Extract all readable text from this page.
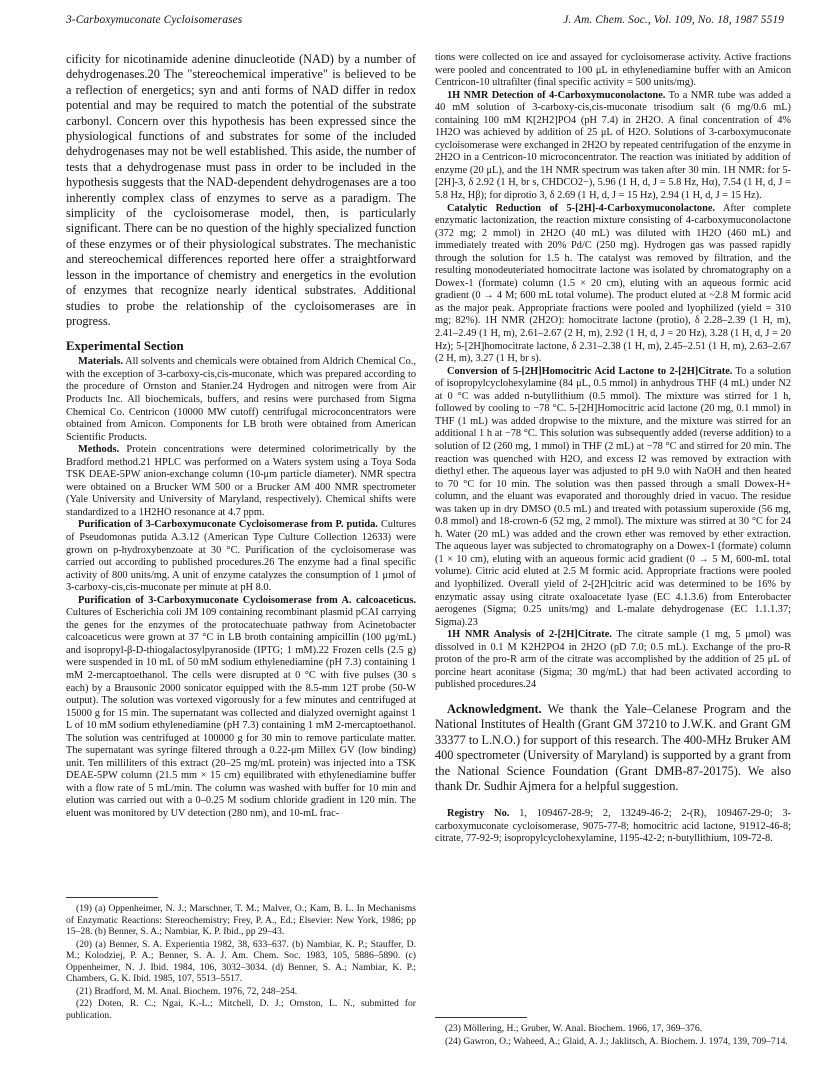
3-Carboxymuconate Cycloisomerases	J. Am. Chem. Soc., Vol. 109, No. 18, 1987 5519

cificity for nicotinamide adenine dinucleotide (NAD) by a number of dehydrogenases.20 The "stereochemical imperative" is believed to be a reflection of energetics; syn and anti forms of NAD differ in redox potential and may be required to match the potential of the substrate carbonyl. Concern over this hypothesis has been expressed since the physiological functions of and substrates for some of the included dehydrogenases may not be well established. This aside, the number of tests that a dehydrogenase must pass in order to be included in the hypothesis suggests that the NAD-dependent dehydrogenases are a too inherently complex class of enzymes to serve as a paradigm. The simplicity of the cycloisomerase model, then, is particularly significant. There can be no question of the highly specialized function of these enzymes or of their physiological substrates. The mechanistic and stereochemical differences reported here offer a straightforward lesson in the importance of chemistry and energetics in the evolution of enzymes that recognize nearly identical substrates. Additional studies to probe the relationship of the cycloisomerases are in progress.

Experimental Section

Materials. All solvents and chemicals were obtained from Aldrich Chemical Co., with the exception of 3-carboxy-cis,cis-muconate, which was prepared according to the procedure of Ornston and Stanier.24 Hydrogen and nitrogen were from Air Products Inc. All biochemicals, buffers, and resins were purchased from Sigma Chemical Co. Centricon (10000 MW cutoff) centrifugal microconcentrators were obtained from Amicon. Components for LB broth were obtained from American Scientific Products.

Methods. Protein concentrations were determined colorimetrically by the Bradford method.21 HPLC was performed on a Waters system using a Toya Soda TSK DEAE-5PW anion-exchange column (10-μm particle diameter). NMR spectra were obtained on a Brucker WM 500 or a Brucker AM 400 NMR spectrometer (Yale University and University of Maryland, respectively). Chemical shifts were standardized to a 1H2HO resonance at 4.7 ppm.

Purification of 3-Carboxymuconate Cycloisomerase from P. putida. Cultures of Pseudomonas putida A.3.12 (American Type Culture Collection 12633) were grown on p-hydroxybenzoate at 30 °C. Purification of the cycloisomerase was carried out according to published procedures.26 The enzyme had a final specific activity of 800 units/mg. A unit of enzyme catalyzes the consumption of 1 μmol of 3-carboxy-cis,cis-muconate per minute at pH 8.0.

Purification of 3-Carboxymuconate Cycloisomerase from A. calcoaceticus. Cultures of Escherichia coli JM 109 containing recombinant plasmid pCAI carrying the genes for the enzymes of the protocatechuate pathway from Acinetobacter calcoaceticus were grown at 37 °C in LB broth containing ampicillin (100 μg/mL) and isopropyl-β-D-thiogalactosylpyranoside (IPTG; 1 mM).22 Frozen cells (2.5 g) were suspended in 10 mL of 50 mM sodium ethylenediamine (pH 7.3) containing 1 mM 2-mercaptoethanol. The cells were disrupted at 0 °C with five pulses (30 s each) by a Brausonic 2000 sonicator equipped with the 8.5-mm 12T probe (50-W output). The solution was vortexed vigorously for a few minutes and centrifuged at 15000 g for 15 min. The supernatant was collected and dialyzed overnight against 1 L of 10 mM sodium ethylenediamine (pH 7.3) containing 1 mM 2-mercaptoethanol. The solution was centrifuged at 100000 g for 30 min to remove particulate matter. The supernatant was syringe filtered through a 0.22-μm Millex GV (low binding) unit. Ten milliliters of this extract (20–25 mg/mL protein) was injected into a TSK DEAE-5PW column (21.5 mm × 15 cm) equilibrated with ethylenediamine buffer with a flow rate of 5 mL/min. The column was washed with buffer for 10 min and elution was carried out with a 0–0.25 M sodium chloride gradient in 120 min. The eluent was monitored by UV detection (280 nm), and 10-mL frac-

(19) (a) Oppenheimer, N. J.; Marschner, T. M.; Malver, O.; Kam, B. L. In Mechanisms of Enzymatic Reactions: Stereochemistry; Frey, P. A., Ed.; Elsevier: New York, 1986; pp 15–28. (b) Benner, S. A.; Nambiar, K. P. Ibid., pp 29–43.

(20) (a) Benner, S. A. Experientia 1982, 38, 633–637. (b) Nambiar, K. P.; Stauffer, D. M.; Kolodziej, P. A.; Benner, S. A. J. Am. Chem. Soc. 1983, 105, 5886–5890. (c) Oppenheimer, N. J. Ibid. 1984, 106, 3032–3034. (d) Benner, S. A.; Nambiar, K. P.; Chambers, G. K. Ibid. 1985, 107, 5513–5517.

(21) Bradford, M. M. Anal. Biochem. 1976, 72, 248–254.

(22) Doten, R. C.; Ngai, K.-L.; Mitchell, D. J.; Ornston, L. N., submitted for publication.

tions were collected on ice and assayed for cycloisomerase activity. Active fractions were pooled and concentrated to 100 μL in ethylenediamine buffer with an Amicon Centricon-10 ultrafilter (final specific activity = 500 units/mg).

1H NMR Detection of 4-Carboxymuconolactone. To a NMR tube was added a 40 mM solution of 3-carboxy-cis,cis-muconate trisodium salt (6 mg/0.6 mL) containing 100 mM K[2H2]PO4 (pH 7.4) in 2H2O. A final concentration of 4% 1H2O was achieved by addition of 25 μL of H2O. Solutions of 3-carboxymuconate cycloisomerase were exchanged in 2H2O by repeated centrifugation of the enzyme in 2H2O in a Centricon-10 microconcentrator. The reaction was initiated by addition of enzyme (20 μL), and the 1H NMR spectrum was taken after 30 min. 1H NMR: for 5-[2H]-3, δ 2.92 (1 H, br s, CHDCO2−), 5.96 (1 H, d, J = 5.8 Hz, Hα), 7.54 (1 H, d, J = 5.8 Hz, Hβ); for diprotio 3, δ 2.69 (1 H, d, J = 15 Hz), 2.94 (1 H, d, J = 15 Hz).

Catalytic Reduction of 5-[2H]-4-Carboxymuconolactone. After complete enzymatic lactonization, the reaction mixture consisting of 4-carboxymuconolactone (372 mg; 2 mmol) in 2H2O (40 mL) was diluted with 1H2O (460 mL) and immediately treated with 20% Pd/C (250 mg). Hydrogen gas was passed rapidly through the solution for 1.5 h. The catalyst was removed by filtration, and the resulting monodeuteriated homocitrate lactone was isolated by chromatography on a Dowex-1 (formate) column (1.5 × 20 cm), eluting with an aqueous formic acid gradient (0 → 4 M; 600 mL total volume). The product eluted at ~2.8 M formic acid as the major peak. Appropriate fractions were pooled and lyophilized (yield = 310 mg; 82%). 1H NMR (2H2O): homocitrate lactone (protio), δ 2.28–2.39 (1 H, m), 2.41–2.49 (1 H, m), 2.61–2.67 (2 H, m), 2.92 (1 H, d, J = 20 Hz), 3.28 (1 H, d, J = 20 Hz); 5-[2H]homocitrate lactone, δ 2.31–2.38 (1 H, m), 2.45–2.51 (1 H, m), 2.63–2.67 (2 H, m), 3.27 (1 H, br s).

Conversion of 5-[2H]Homocitric Acid Lactone to 2-[2H]Citrate. To a solution of isopropylcyclohexylamine (84 μL, 0.5 mmol) in anhydrous THF (4 mL) under N2 at 0 °C was added n-butyllithium (0.5 mmol). The mixture was stirred for 1 h, followed by cooling to −78 °C. 5-[2H]Homocitric acid lactone (20 mg, 0.1 mmol) in THF (1 mL) was added dropwise to the mixture, and the mixture was stirred for an additional 1 h at −78 °C. This solution was subsequently added (reverse addition) to a solution of I2 (260 mg, 1 mmol) in THF (2 mL) at −78 °C and stirred for 20 min. The reaction was quenched with H2O, and excess I2 was removed by extraction with diethyl ether. The aqueous layer was adjusted to pH 9.0 with NaOH and then heated to 70 °C for 10 min. The solution was then passed through a small Dowex-H+ column, and the eluant was evaporated and thoroughly dried in vacuo. The residue was taken up in dry DMSO (0.5 mL) and treated with potassium superoxide (56 mg, 0.8 mmol) and 18-crown-6 (52 mg, 2 mmol). The mixture was stirred at 30 °C for 24 h. Water (20 mL) was added and the crown ether was removed by ether extraction. The aqueous layer was subjected to chromatography on a Dowex-1 (formate) column (1 × 10 cm), eluting with an aqueous formic acid gradient (0 → 5 M, 600-mL total volume). Citric acid eluted at 2.5 M formic acid. Appropriate fractions were pooled and lyophilized. Overall yield of 2-[2H]citric acid was determined to be 16% by enzymatic assay using citrate oxaloacetate lyase (EC 4.1.3.6) from Enterobacter aerogenes (Sigma; 0.25 units/mg) and L-malate dehydrogenase (EC 1.1.1.37; Sigma).23

1H NMR Analysis of 2-[2H]Citrate. The citrate sample (1 mg, 5 μmol) was dissolved in 0.1 M K2H2PO4 in 2H2O (pD 7.0; 0.5 mL). Exchange of the pro-R proton of the pro-R arm of the citrate was accomplished by the addition of 25 μL of porcine heart aconitase (Sigma; 30 mg/mL) that had been activated according to published procedures.24

Acknowledgment. We thank the Yale–Celanese Program and the National Institutes of Health (Grant GM 37210 to J.W.K. and Grant GM 33377 to L.N.O.) for support of this research. The 400-MHz Bruker AM 400 spectrometer (University of Maryland) is supported by a grant from the National Science Foundation (Grant DMB-87-20175). We also thank Dr. Sudhir Ajmera for a helpful suggestion.

Registry No. 1, 109467-28-9; 2, 13249-46-2; 2-(R), 109467-29-0; 3-carboxymuconate cycloisomerase, 9075-77-8; homocitric acid lactone, 91912-46-8; citrate, 77-92-9; isopropylcyclohexylamine, 1195-42-2; n-butyllithium, 109-72-8.

(23) Möllering, H.; Gruber, W. Anal. Biochem. 1966, 17, 369–376.

(24) Gawron, O.; Waheed, A.; Glaid, A. J.; Jaklitsch, A. Biochem. J. 1974, 139, 709–714.
